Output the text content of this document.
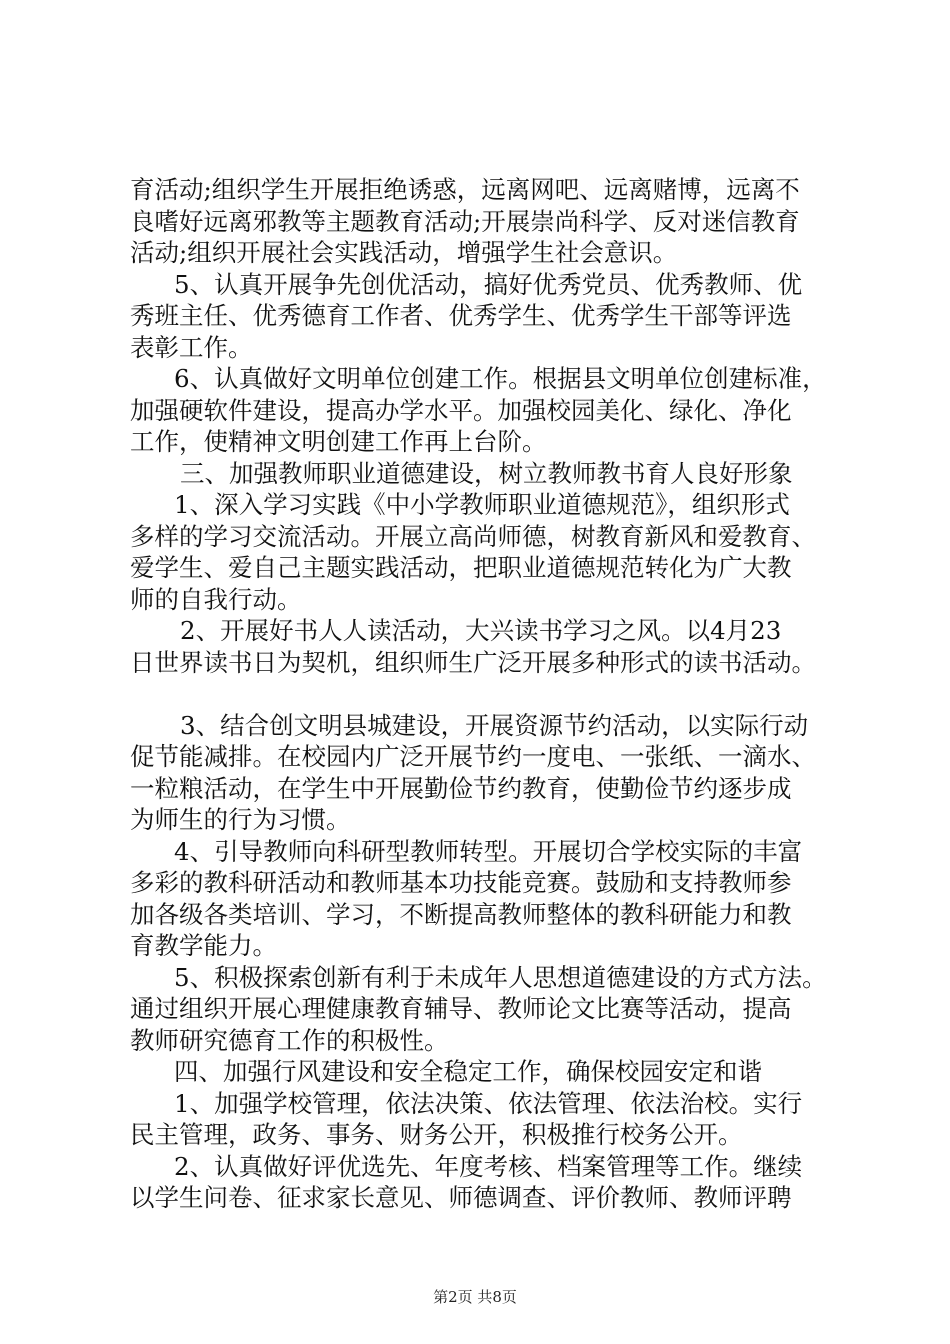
育活动;组织学生开展拒绝诱惑，远离网吧、远离赌博，远离不
良嗜好远离邪教等主题教育活动;开展崇尚科学、反对迷信教育
活动;组织开展社会实践活动，增强学生社会意识。
5、认真开展争先创优活动，搞好优秀党员、优秀教师、优
秀班主任、优秀德育工作者、优秀学生、优秀学生干部等评选
表彰工作。
6、认真做好文明单位创建工作。根据县文明单位创建标准，
加强硬软件建设，提高办学水平。加强校园美化、绿化、净化
工作，使精神文明创建工作再上台阶。
三、加强教师职业道德建设，树立教师教书育人良好形象
1、深入学习实践《中小学教师职业道德规范》，组织形式
多样的学习交流活动。开展立高尚师德，树教育新风和爱教育、
爱学生、爱自己主题实践活动，把职业道德规范转化为广大教
师的自我行动。
2、开展好书人人读活动，大兴读书学习之风。以4月23
日世界读书日为契机，组织师生广泛开展多种形式的读书活动。
3、结合创文明县城建设，开展资源节约活动，以实际行动
促节能减排。在校园内广泛开展节约一度电、一张纸、一滴水、
一粒粮活动，在学生中开展勤俭节约教育，使勤俭节约逐步成
为师生的行为习惯。
4、引导教师向科研型教师转型。开展切合学校实际的丰富
多彩的教科研活动和教师基本功技能竞赛。鼓励和支持教师参
加各级各类培训、学习，不断提高教师整体的教科研能力和教
育教学能力。
5、积极探索创新有利于未成年人思想道德建设的方式方法。
通过组织开展心理健康教育辅导、教师论文比赛等活动，提高
教师研究德育工作的积极性。
四、加强行风建设和安全稳定工作，确保校园安定和谐
1、加强学校管理，依法决策、依法管理、依法治校。实行
民主管理，政务、事务、财务公开，积极推行校务公开。
2、认真做好评优选先、年度考核、档案管理等工作。继续
以学生问卷、征求家长意见、师德调查、评价教师、教师评聘
第2页 共8页
